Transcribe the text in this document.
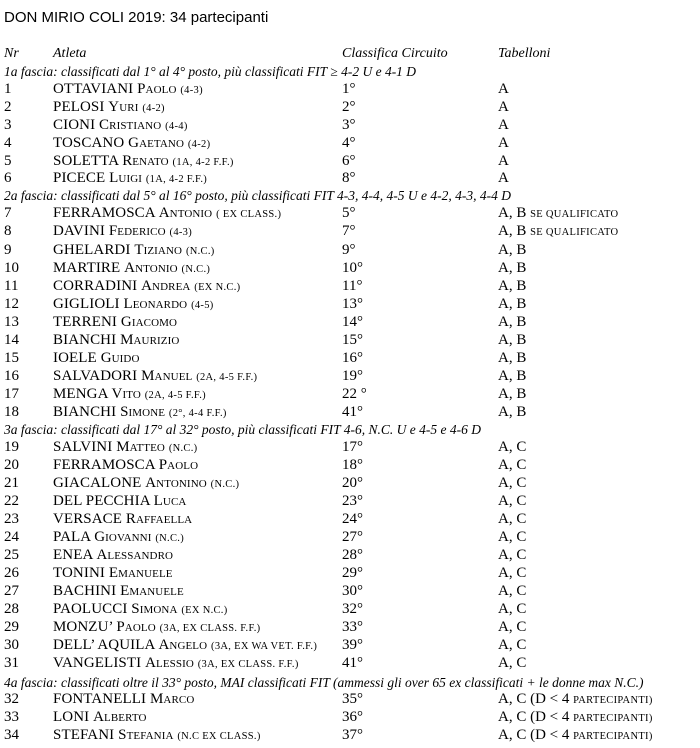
DON MIRIO COLI 2019: 34 partecipanti
Nr Atleta	Classifica Circuito	Tabelloni
1a fascia: classificati dal 1° al 4° posto, più classificati FIT ≥ 4-2 U e 4-1 D
1	OTTAVIANI Paolo (4-3)	1°	A
2	PELOSI Yuri (4-2)	2°	A
3	CIONI Cristiano (4-4)	3°	A
4	TOSCANO Gaetano (4-2)	4°	A
5	SOLETTA Renato (1A, 4-2 F.F.)	6°	A
6	PICECE Luigi (1A, 4-2 F.F.)	8°	A
2a fascia: classificati dal 5° al 16° posto, più classificati FIT 4-3, 4-4, 4-5 U e 4-2, 4-3, 4-4 D
7	FERRAMOSCA Antonio ( EX CLASS.)	5°	A, B SE QUALIFICATO
8	DAVINI Federico (4-3)	7°	A, B SE QUALIFICATO
9	GHELARDI Tiziano (N.C.)	9°	A, B
10 MARTIRE Antonio (N.C.)	10°	A, B
11 CORRADINI Andrea (EX N.C.)	11°	A, B
12 GIGLIOLI Leonardo (4-5)	13°	A, B
13 TERRENI Giacomo	14°	A, B
14 BIANCHI Maurizio	15°	A, B
15 IOELE Guido	16°	A, B
16 SALVADORI Manuel (2A, 4-5 F.F.)	19°	A, B
17 MENGA Vito (2A, 4-5 F.F.)	22 °	A, B
18 BIANCHI Simone (2°, 4-4 F.F.)	41°	A, B
3a fascia: classificati dal 17° al 32° posto, più classificati FIT 4-6, N.C. U e 4-5 e 4-6 D
19 SALVINI Matteo (N.C.)	17°	A, C
20 FERRAMOSCA Paolo	18°	A, C
21 GIACALONE Antonino (N.C.)	20°	A, C
22 DEL PECCHIA Luca	23°	A, C
23 VERSACE Raffaella	24°	A, C
24 PALA Giovanni (N.C.)	27°	A, C
25 ENEA Alessandro	28°	A, C
26 TONINI Emanuele	29°	A, C
27 BACHINI Emanuele	30°	A, C
28 PAOLUCCI Simona (EX N.C.)	32°	A, C
29 MONZU’ Paolo (3A, EX CLASS. F.F.)	33°	A, C
30 DELL’ AQUILA Angelo (3A, EX WA VET. F.F.) 39°	A, C
4a fascia: classificati oltre il 33° posto, MAI classificati FIT (ammessi gli over 65 ex classificati + le donne max N.C.)
31 VANGELISTI Alessio (3A, EX CLASS. F.F.)	41°	A, C
32 FONTANELLI Marco	35°	A, C (D < 4 PARTECIPANTI)
33 LONI Alberto	36°	A, C (D < 4 PARTECIPANTI)
34 STEFANI Stefania (N.C EX CLASS.)	37°	A, C (D < 4 PARTECIPANTI)
